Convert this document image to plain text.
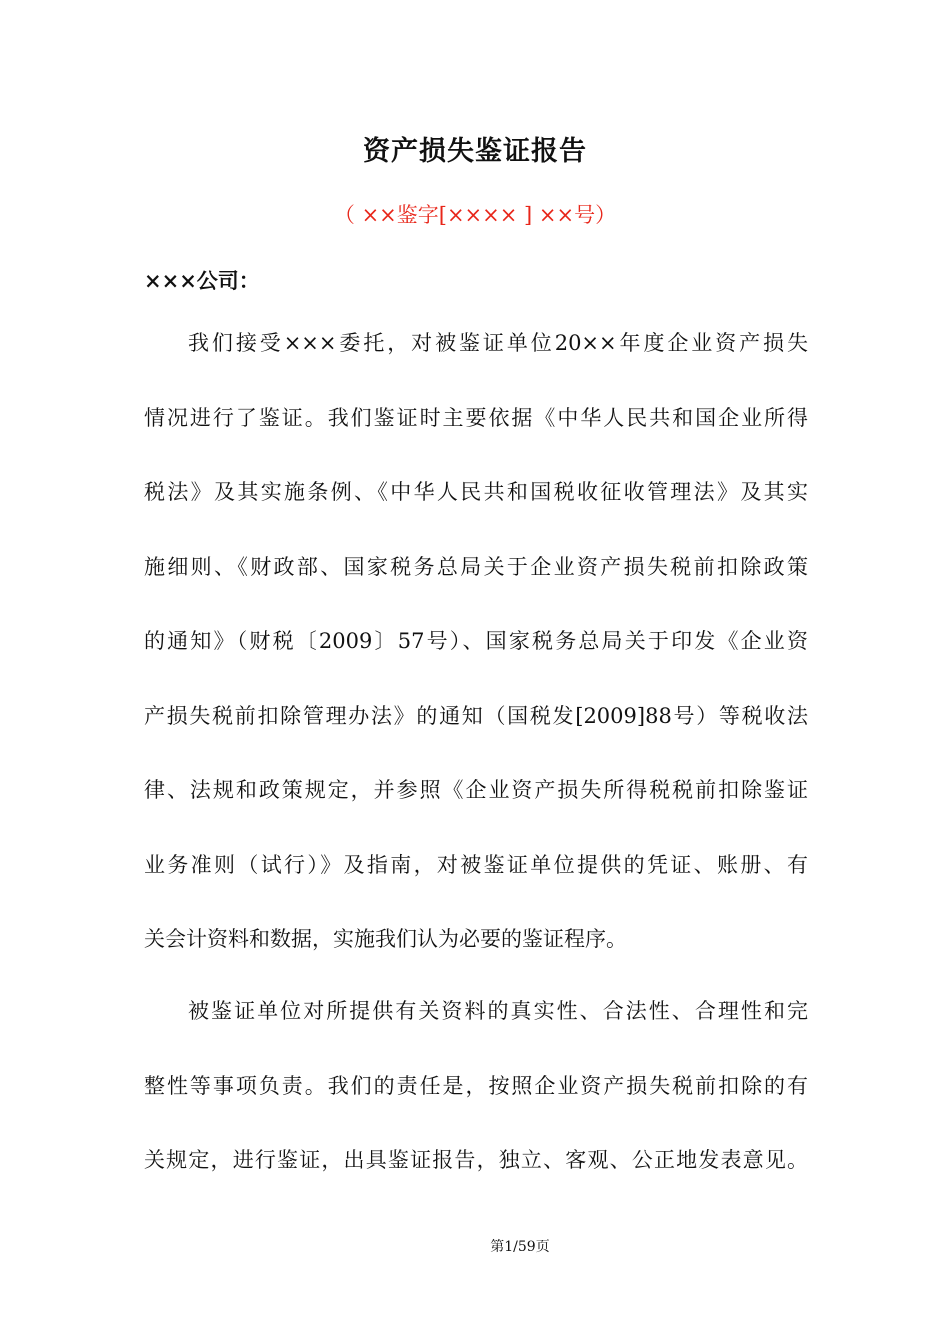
资产损失鉴证报告
（ ××鉴字[×××× ] ××号）
×××公司：
我们接受×××委托，对被鉴证单位20××年度企业资产损失
情况进行了鉴证。我们鉴证时主要依据《中华人民共和国企业所得
税法》及其实施条例、《中华人民共和国税收征收管理法》及其实
施细则、《财政部、国家税务总局关于企业资产损失税前扣除政策
的通知》（财税〔2009〕57号）、国家税务总局关于印发《企业资
产损失税前扣除管理办法》的通知（国税发[2009]88号）等税收法
律、法规和政策规定，并参照《企业资产损失所得税税前扣除鉴证
业务准则（试行）》及指南，对被鉴证单位提供的凭证、账册、有
关会计资料和数据，实施我们认为必要的鉴证程序。
被鉴证单位对所提供有关资料的真实性、合法性、合理性和完
整性等事项负责。我们的责任是，按照企业资产损失税前扣除的有
关规定，进行鉴证，出具鉴证报告，独立、客观、公正地发表意见。
第1/59页
